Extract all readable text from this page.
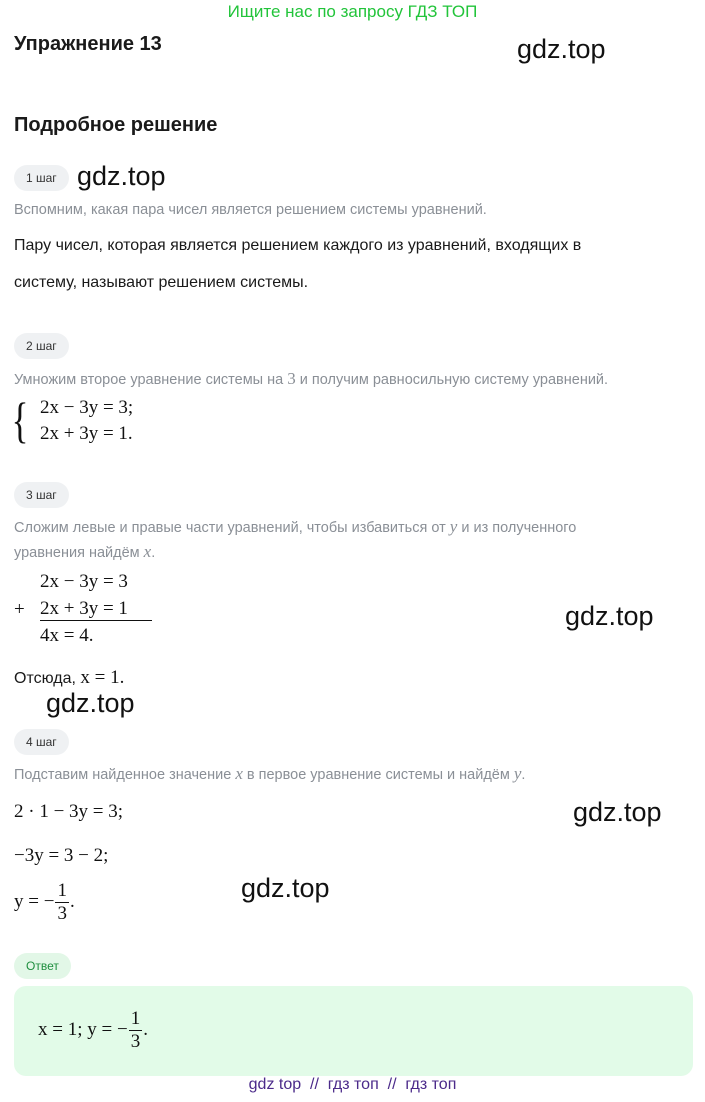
Ищите нас по запросу ГДЗ ТОП
Упражнение 13	gdz.top
Подробное решение
1 шаг gdz.top
Вспомним, какая пара чисел является решением системы уравнений.
Пару чисел, которая является решением каждого из уравнений, входящих в
систему, называют решением системы.
2 шаг
Умножим второе уравнение системы на 3 и получим равносильную систему уравнений.
{ 2x − 3y = 3;
2x + 3y = 1.
3 шаг
Сложим левые и правые части уравнений, чтобы избавиться от y и из полученного
уравнения найдём x.
2x − 3y = 3
+ 2x + 3y = 1
4x = 4.
gdz.top
Отсюда, x = 1.
gdz.top
4 шаг
Подставим найденное значение x в первое уравнение системы и найдём y.
2 · 1 − 3y = 3;	gdz.top
−3y = 3 − 2;
y = − $\frac{1}{3}$ .	gdz.top
Ответ
x = 1; y = − $\frac{1}{3}$ .
gdz top  //  гдз топ  //  гдз топ
